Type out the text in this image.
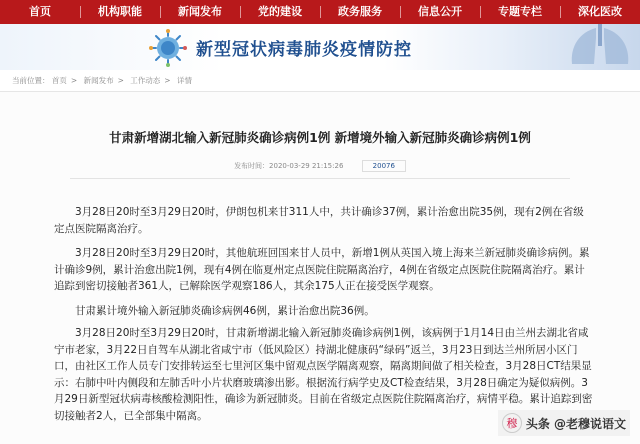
首页	机构职能	新闻发布	党的建设	政务服务	信息公开	专题专栏	深化医改
新型冠状病毒肺炎疫情防控
当前位置： 首页 > 新闻发布 > 工作动态 > 详情
甘肃新增湖北输入新冠肺炎确诊病例1例 新增境外输入新冠肺炎确诊病例1例
发布时间：2020-03-29 21:15:26	20076

3月28日20时至3月29日20时，伊朗包机来甘311人中，共计确诊37例，累计治愈出院35例，现有2例在省级定点医院隔离治疗。

3月28日20时至3月29日20时，其他航班回国来甘人员中，新增1例从英国入境上海来兰新冠肺炎确诊病例。累计确诊9例，累计治愈出院1例，现有4例在临夏州定点医院住院隔离治疗，4例在省级定点医院住院隔离治疗。累计追踪到密切接触者361人，已解除医学观察186人，其余175人正在接受医学观察。

甘肃累计境外输入新冠肺炎确诊病例46例，累计治愈出院36例。

3月28日20时至3月29日20时，甘肃新增湖北输入新冠肺炎确诊病例1例，该病例于1月14日由兰州去湖北省咸宁市老家，3月22日自驾车从湖北省咸宁市（低风险区）持湖北健康码“绿码”返兰，3月23日到达兰州所居小区门口，由社区工作人员专门安排转运至七里河区集中留观点医学隔离观察，隔离期间做了相关检查，3月28日CT结果显示：右肺中叶内侧段和左肺舌叶小片状磨玻璃渗出影。根据流行病学史及CT检查结果，3月28日确定为疑似病例。3月29日新型冠状病毒核酸检测阳性，确诊为新冠肺炎。目前在省级定点医院住院隔离治疗，病情平稳。累计追踪到密切接触者2人，已全部集中隔离。

穆 头条 @老穆说语文
